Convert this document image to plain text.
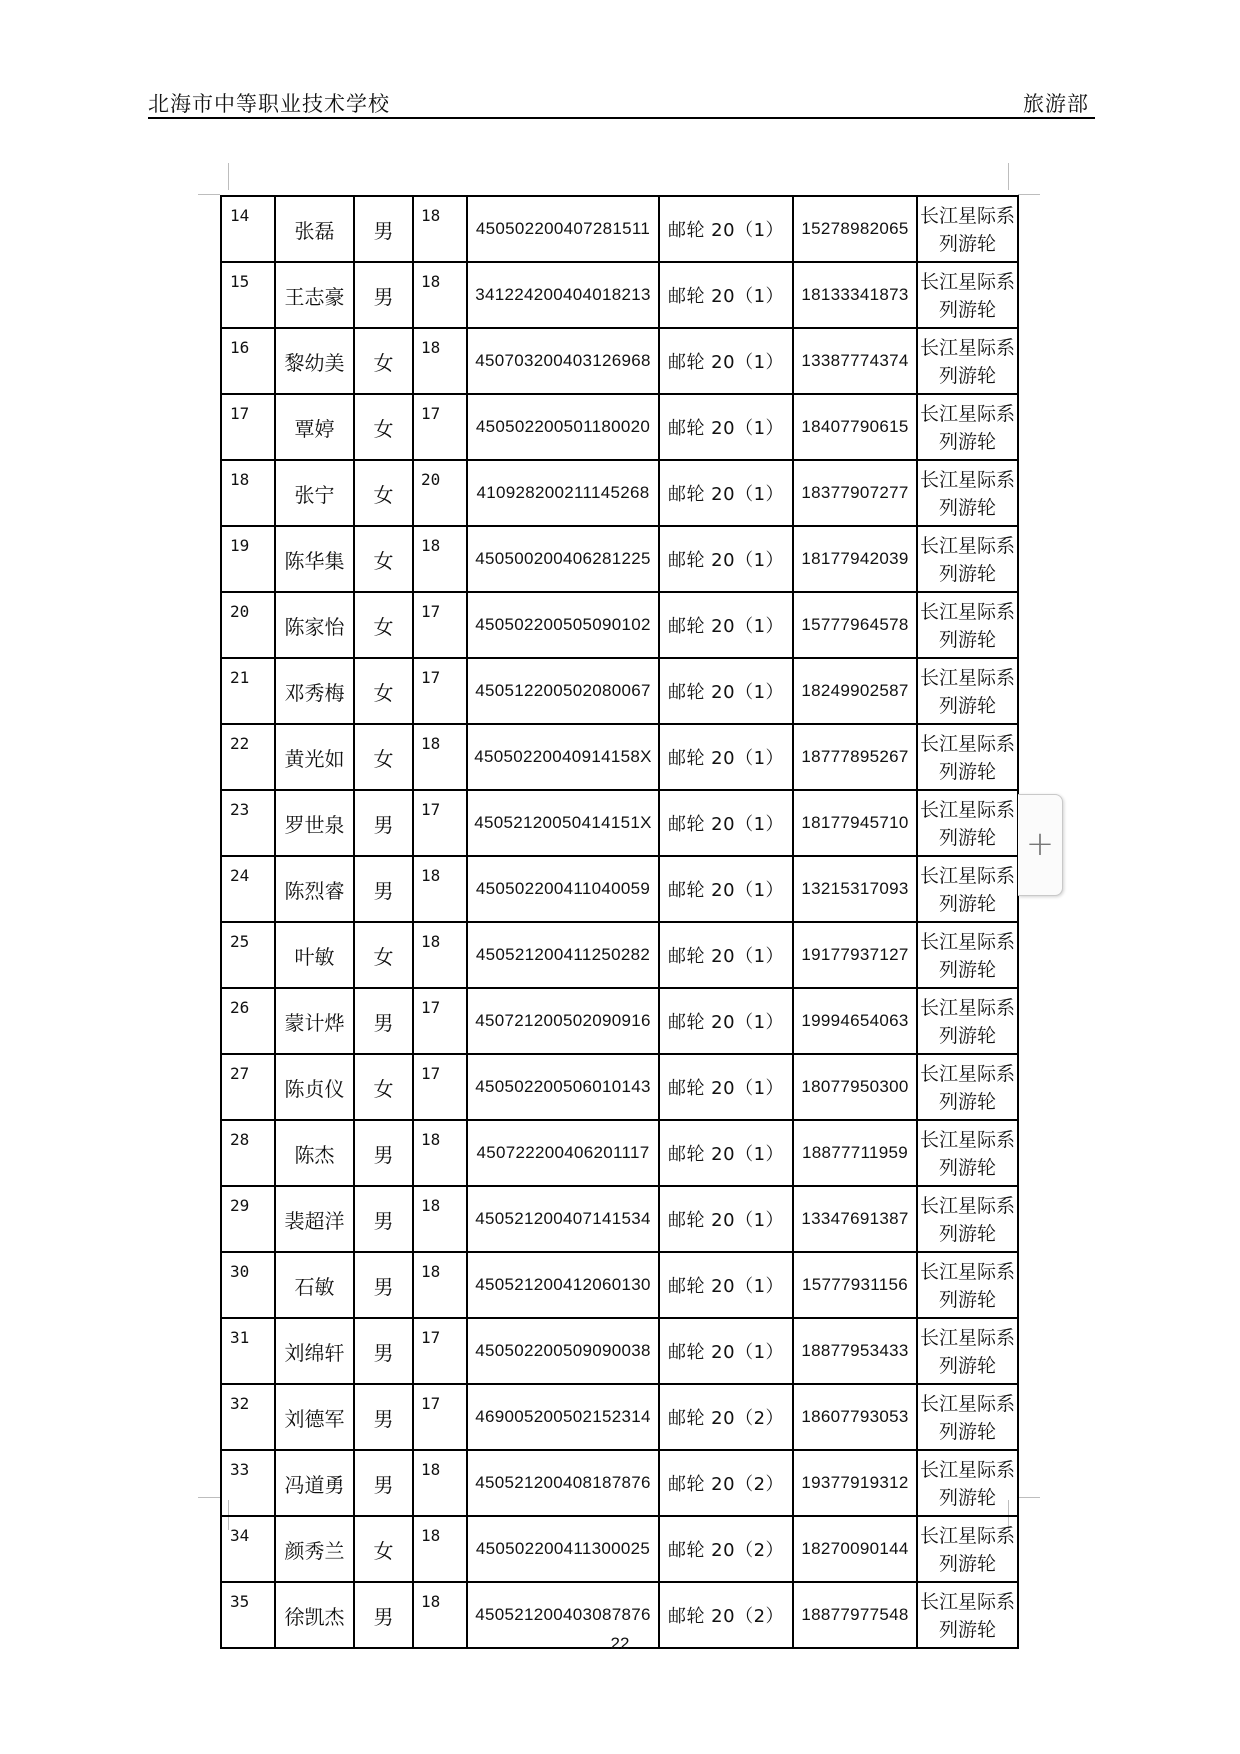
北海市中等职业技术学校	旅游部
14	张磊	男	18	450502200407281511	邮轮 20（1）	15278982065	长江星际系列游轮
15	王志豪	男	18	341224200404018213	邮轮 20（1）	18133341873	长江星际系列游轮
16	黎幼美	女	18	450703200403126968	邮轮 20（1）	13387774374	长江星际系列游轮
17	覃婷	女	17	450502200501180020	邮轮 20（1）	18407790615	长江星际系列游轮
18	张宁	女	20	410928200211145268	邮轮 20（1）	18377907277	长江星际系列游轮
19	陈华集	女	18	450500200406281225	邮轮 20（1）	18177942039	长江星际系列游轮
20	陈家怡	女	17	450502200505090102	邮轮 20（1）	15777964578	长江星际系列游轮
21	邓秀梅	女	17	450512200502080067	邮轮 20（1）	18249902587	长江星际系列游轮
22	黄光如	女	18	45050220040914158X	邮轮 20（1）	18777895267	长江星际系列游轮
23	罗世泉	男	17	45052120050414151X	邮轮 20（1）	18177945710	长江星际系列游轮
24	陈烈睿	男	18	450502200411040059	邮轮 20（1）	13215317093	长江星际系列游轮
25	叶敏	女	18	450521200411250282	邮轮 20（1）	19177937127	长江星际系列游轮
26	蒙计烨	男	17	450721200502090916	邮轮 20（1）	19994654063	长江星际系列游轮
27	陈贞仪	女	17	450502200506010143	邮轮 20（1）	18077950300	长江星际系列游轮
28	陈杰	男	18	450722200406201117	邮轮 20（1）	18877711959	长江星际系列游轮
29	裴超洋	男	18	450521200407141534	邮轮 20（1）	13347691387	长江星际系列游轮
30	石敏	男	18	450521200412060130	邮轮 20（1）	15777931156	长江星际系列游轮
31	刘绵轩	男	17	450502200509090038	邮轮 20（1）	18877953433	长江星际系列游轮
32	刘德军	男	17	469005200502152314	邮轮 20（2）	18607793053	长江星际系列游轮
33	冯道勇	男	18	450521200408187876	邮轮 20（2）	19377919312	长江星际系列游轮
34	颜秀兰	女	18	450502200411300025	邮轮 20（2）	18270090144	长江星际系列游轮
35	徐凯杰	男	18	450521200403087876	邮轮 20（2）	18877977548	长江星际系列游轮
+
22
